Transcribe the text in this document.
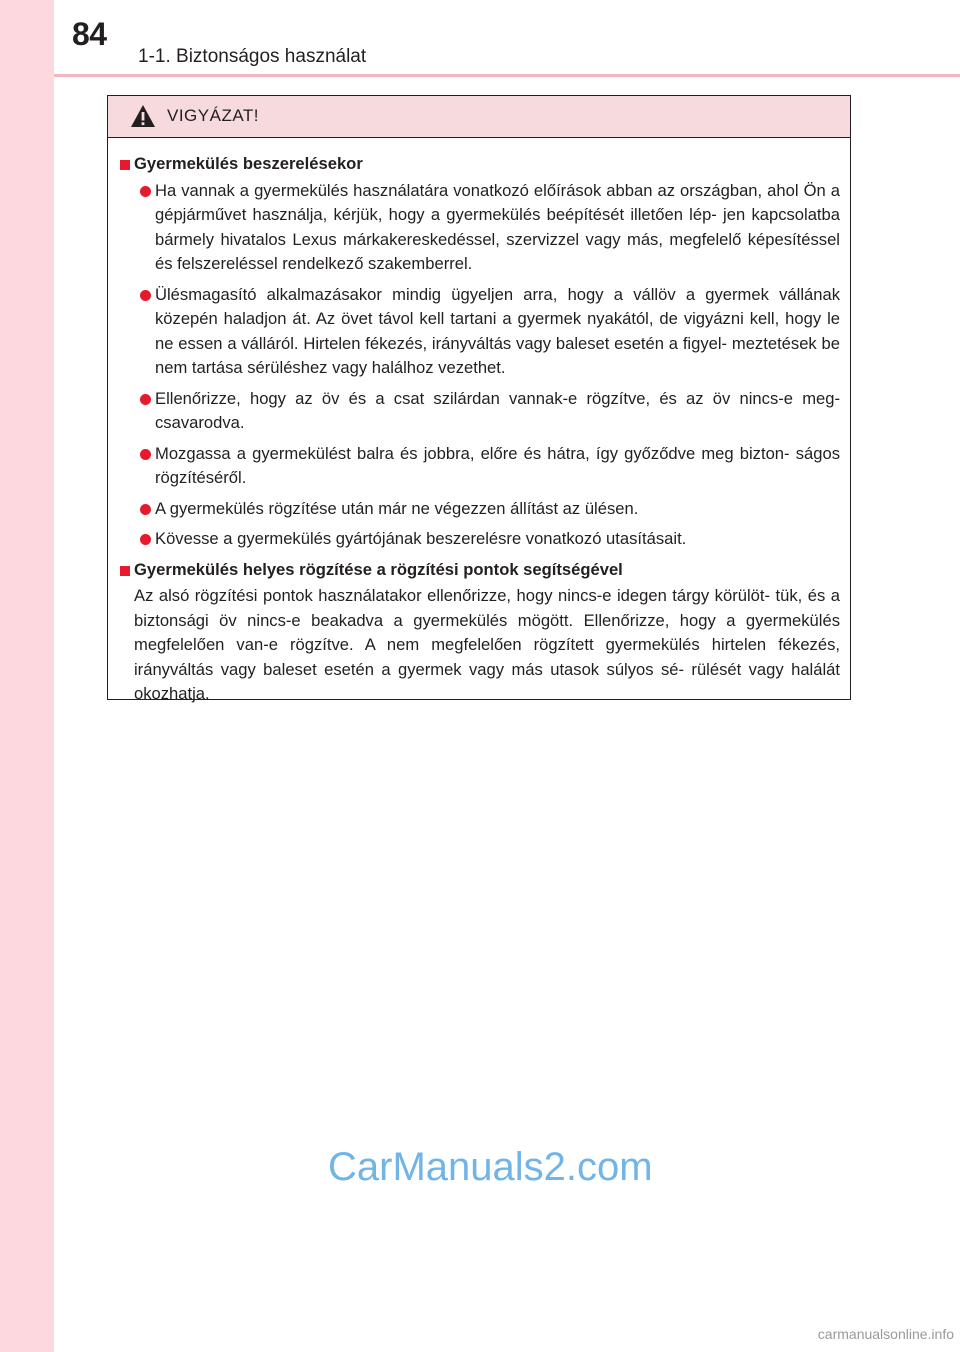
84
1-1. Biztonságos használat
VIGYÁZAT!
Gyermekülés beszerelésekor
Ha vannak a gyermekülés használatára vonatkozó előírások abban az országban, ahol Ön a gépjárművet használja, kérjük, hogy a gyermekülés beépítését illetően lép- jen kapcsolatba bármely hivatalos Lexus márkakereskedéssel, szervizzel vagy más, megfelelő képesítéssel és felszereléssel rendelkező szakemberrel.
Ülésmagasító alkalmazásakor mindig ügyeljen arra, hogy a vállöv a gyermek vállának közepén haladjon át. Az övet távol kell tartani a gyermek nyakától, de vigyázni kell, hogy le ne essen a válláról. Hirtelen fékezés, irányváltás vagy baleset esetén a figyel- meztetések be nem tartása sérüléshez vagy halálhoz vezethet.
Ellenőrizze, hogy az öv és a csat szilárdan vannak-e rögzítve, és az öv nincs-e meg- csavarodva.
Mozgassa a gyermekülést balra és jobbra, előre és hátra, így győződve meg bizton- ságos rögzítéséről.
A gyermekülés rögzítése után már ne végezzen állítást az ülésen.
Kövesse a gyermekülés gyártójának beszerelésre vonatkozó utasításait.
Gyermekülés helyes rögzítése a rögzítési pontok segítségével
Az alsó rögzítési pontok használatakor ellenőrizze, hogy nincs-e idegen tárgy körülöt- tük, és a biztonsági öv nincs-e beakadva a gyermekülés mögött. Ellenőrizze, hogy a gyermekülés megfelelően van-e rögzítve. A nem megfelelően rögzített gyermekülés hirtelen fékezés, irányváltás vagy baleset esetén a gyermek vagy más utasok súlyos sé- rülését vagy halálát okozhatja.
CarManuals2.com
carmanualsonline.info
